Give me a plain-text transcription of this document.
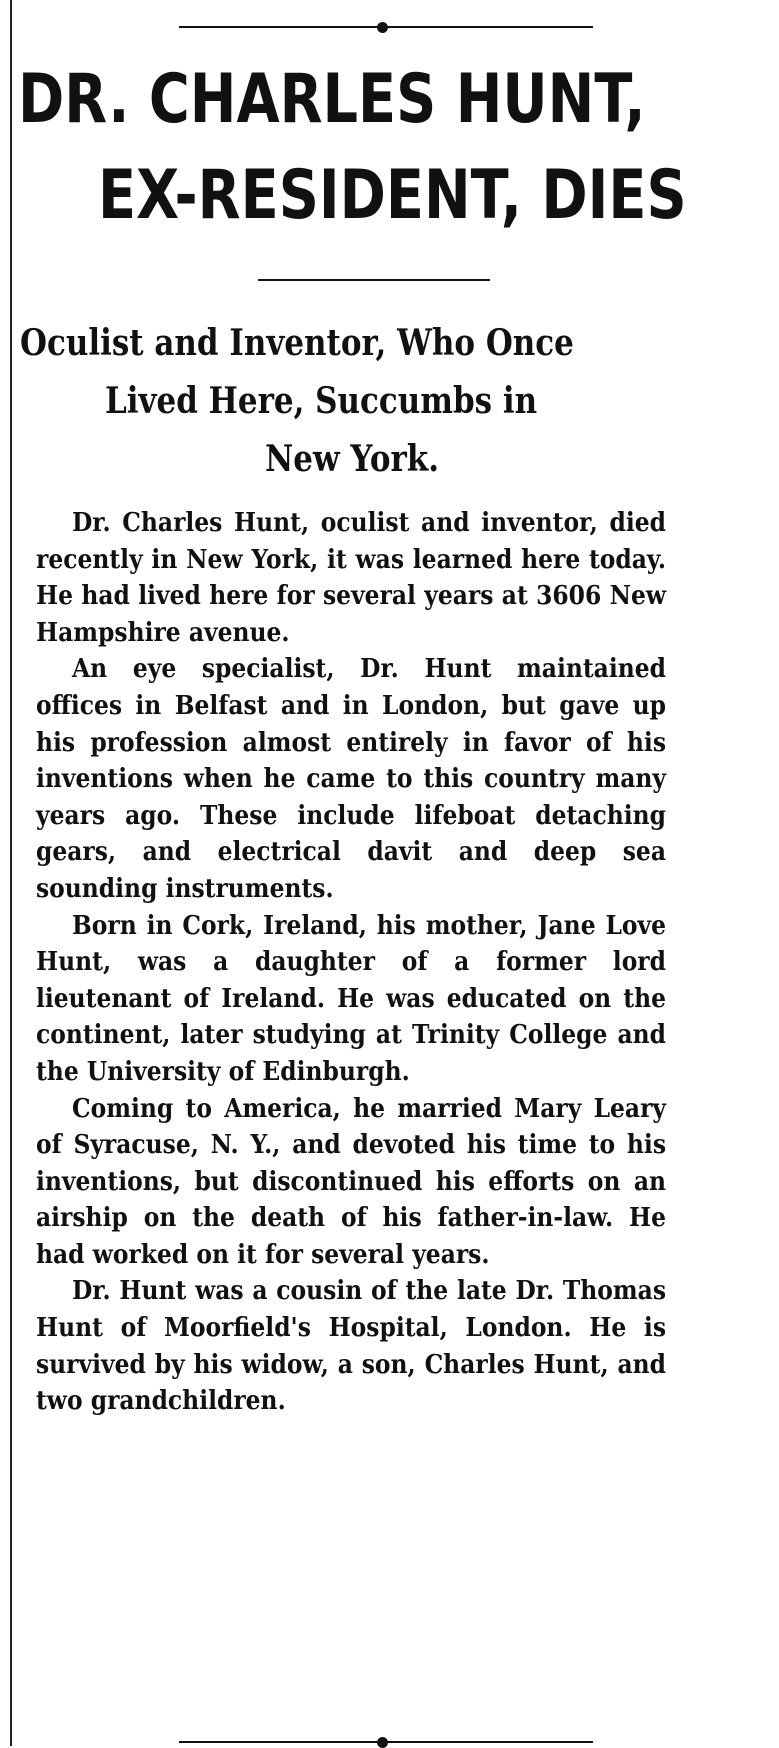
DR. CHARLES HUNT,
EX-RESIDENT, DIES
Oculist and Inventor, Who Once
Lived Here, Succumbs in
New York.

Dr. Charles Hunt, oculist and inventor, died recently in New York, it was learned here today. He had lived here for several years at 3606 New Hampshire avenue.

An eye specialist, Dr. Hunt maintained offices in Belfast and in London, but gave up his profession almost entirely in favor of his inventions when he came to this country many years ago. These include lifeboat detaching gears, and electrical davit and deep sea sounding instruments.

Born in Cork, Ireland, his mother, Jane Love Hunt, was a daughter of a former lord lieutenant of Ireland. He was educated on the continent, later studying at Trinity College and the University of Edinburgh.

Coming to America, he married Mary Leary of Syracuse, N. Y., and devoted his time to his inventions, but discontinued his efforts on an airship on the death of his father-in-law. He had worked on it for several years.

Dr. Hunt was a cousin of the late Dr. Thomas Hunt of Moorfield's Hospital, London. He is survived by his widow, a son, Charles Hunt, and two grandchildren.
